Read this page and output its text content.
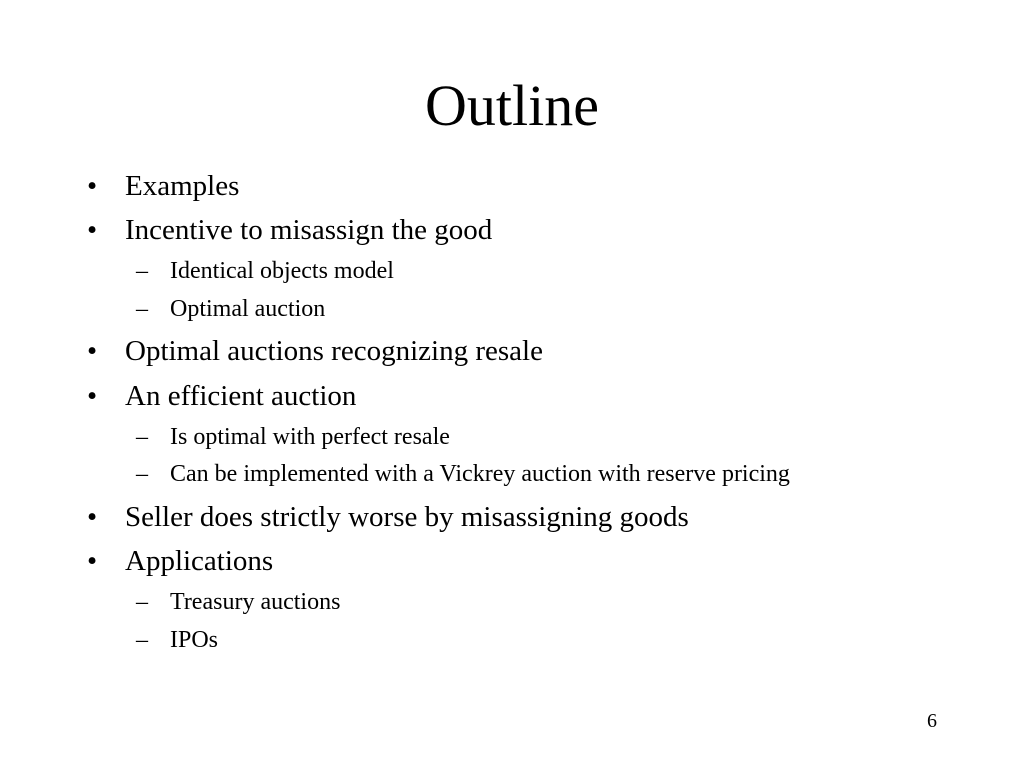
Outline
• Examples
• Incentive to misassign the good
– Identical objects model
– Optimal auction
• Optimal auctions recognizing resale
• An efficient auction
– Is optimal with perfect resale
– Can be implemented with a Vickrey auction with reserve pricing
• Seller does strictly worse by misassigning goods
• Applications
– Treasury auctions
– IPOs
6
